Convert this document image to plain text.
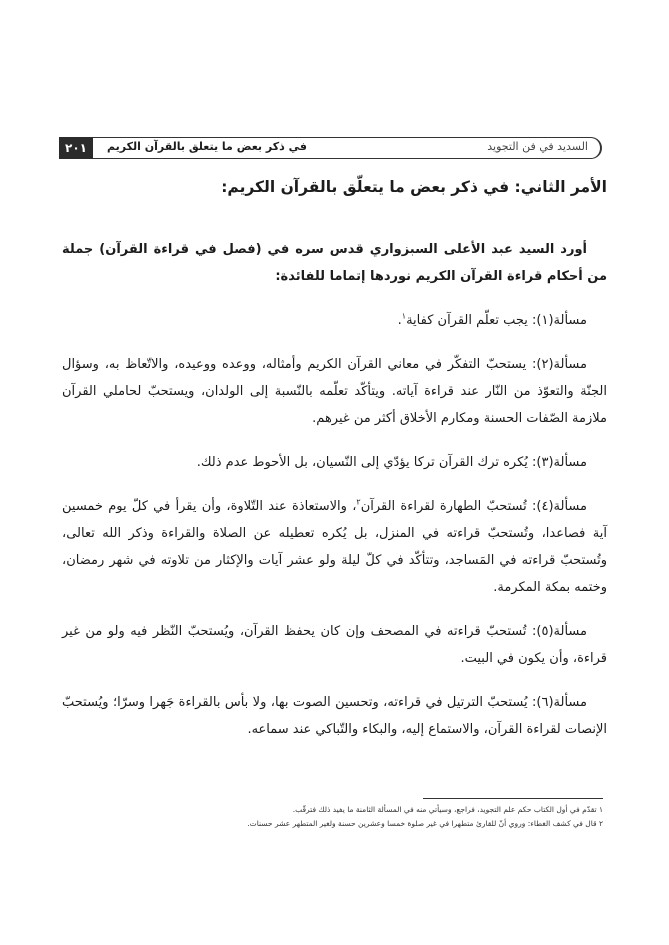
۲۰۱	في ذكر بعض ما يتعلق بالقرآن الكريم	السديد في فن التجويد
الأمر الثاني: في ذكر بعض ما يتعلّق بالقرآن الكريم:

أورد السيد عبد الأعلى السبزواري قدس سره في (فصل في قراءة القرآن) جملة من أحكام قراءة القرآن الكريم نوردها إتماما للفائدة:

مسألة(١): يجب تعلّم القرآن كفاية$^١$.

مسألة(٢): يستحبّ التفكّر في معاني القرآن الكريم وأمثاله، ووعده ووعيده، والاتّعاظ به، وسؤال الجنّة والتعوّذ من النّار عند قراءة آياته. ويتأكّد تعلّمه بالنّسبة إلى الولدان، ويستحبّ لحاملي القرآن ملازمة الصّفات الحسنة ومكارم الأخلاق أكثر من غيرهم.

مسألة(٣): يُكره ترك القرآن تركا يؤدّي إلى النّسيان، بل الأحوط عدم ذلك.

مسألة(٤): تُستحبّ الطهارة لقراءة القرآن$^٢$، والاستعاذة عند التّلاوة، وأن يقرأ في كلّ يوم خمسين آية فصاعدا، وتُستحبّ قراءته في المنزل، بل يُكره تعطيله عن الصلاة والقراءة وذكر الله تعالى، وتُستحبّ قراءته في المَساجد، وتتأكّد في كلّ ليلة ولو عشر آيات والإكثار من تلاوته في شهر رمضان، وختمه بمكة المكرمة.

مسألة(٥): تُستحبّ قراءته في المصحف وإن كان يحفظ القرآن، ويُستحبّ النّظر فيه ولو من غير قراءة، وأن يكون في البيت.

مسألة(٦): يُستحبّ الترتيل في قراءته، وتحسين الصوت بها، ولا بأس بالقراءة جَهرا وسرّا؛ ويُستحبّ الإنصات لقراءة القرآن، والاستماع إليه، والبكاء والتّباكي عند سماعه.

١ تقدّم في أول الكتاب حكم علم التجويد، فراجع، وسيأتي منه في المسألة الثامنة ما يفيد ذلك فترقّب.
٢ قال في كشف الغطاء: وروي أنّ للقارئ متطهرا في غير صلوة خمسا وعشرين حسنة ولغير المتطهر عشر حسنات.
